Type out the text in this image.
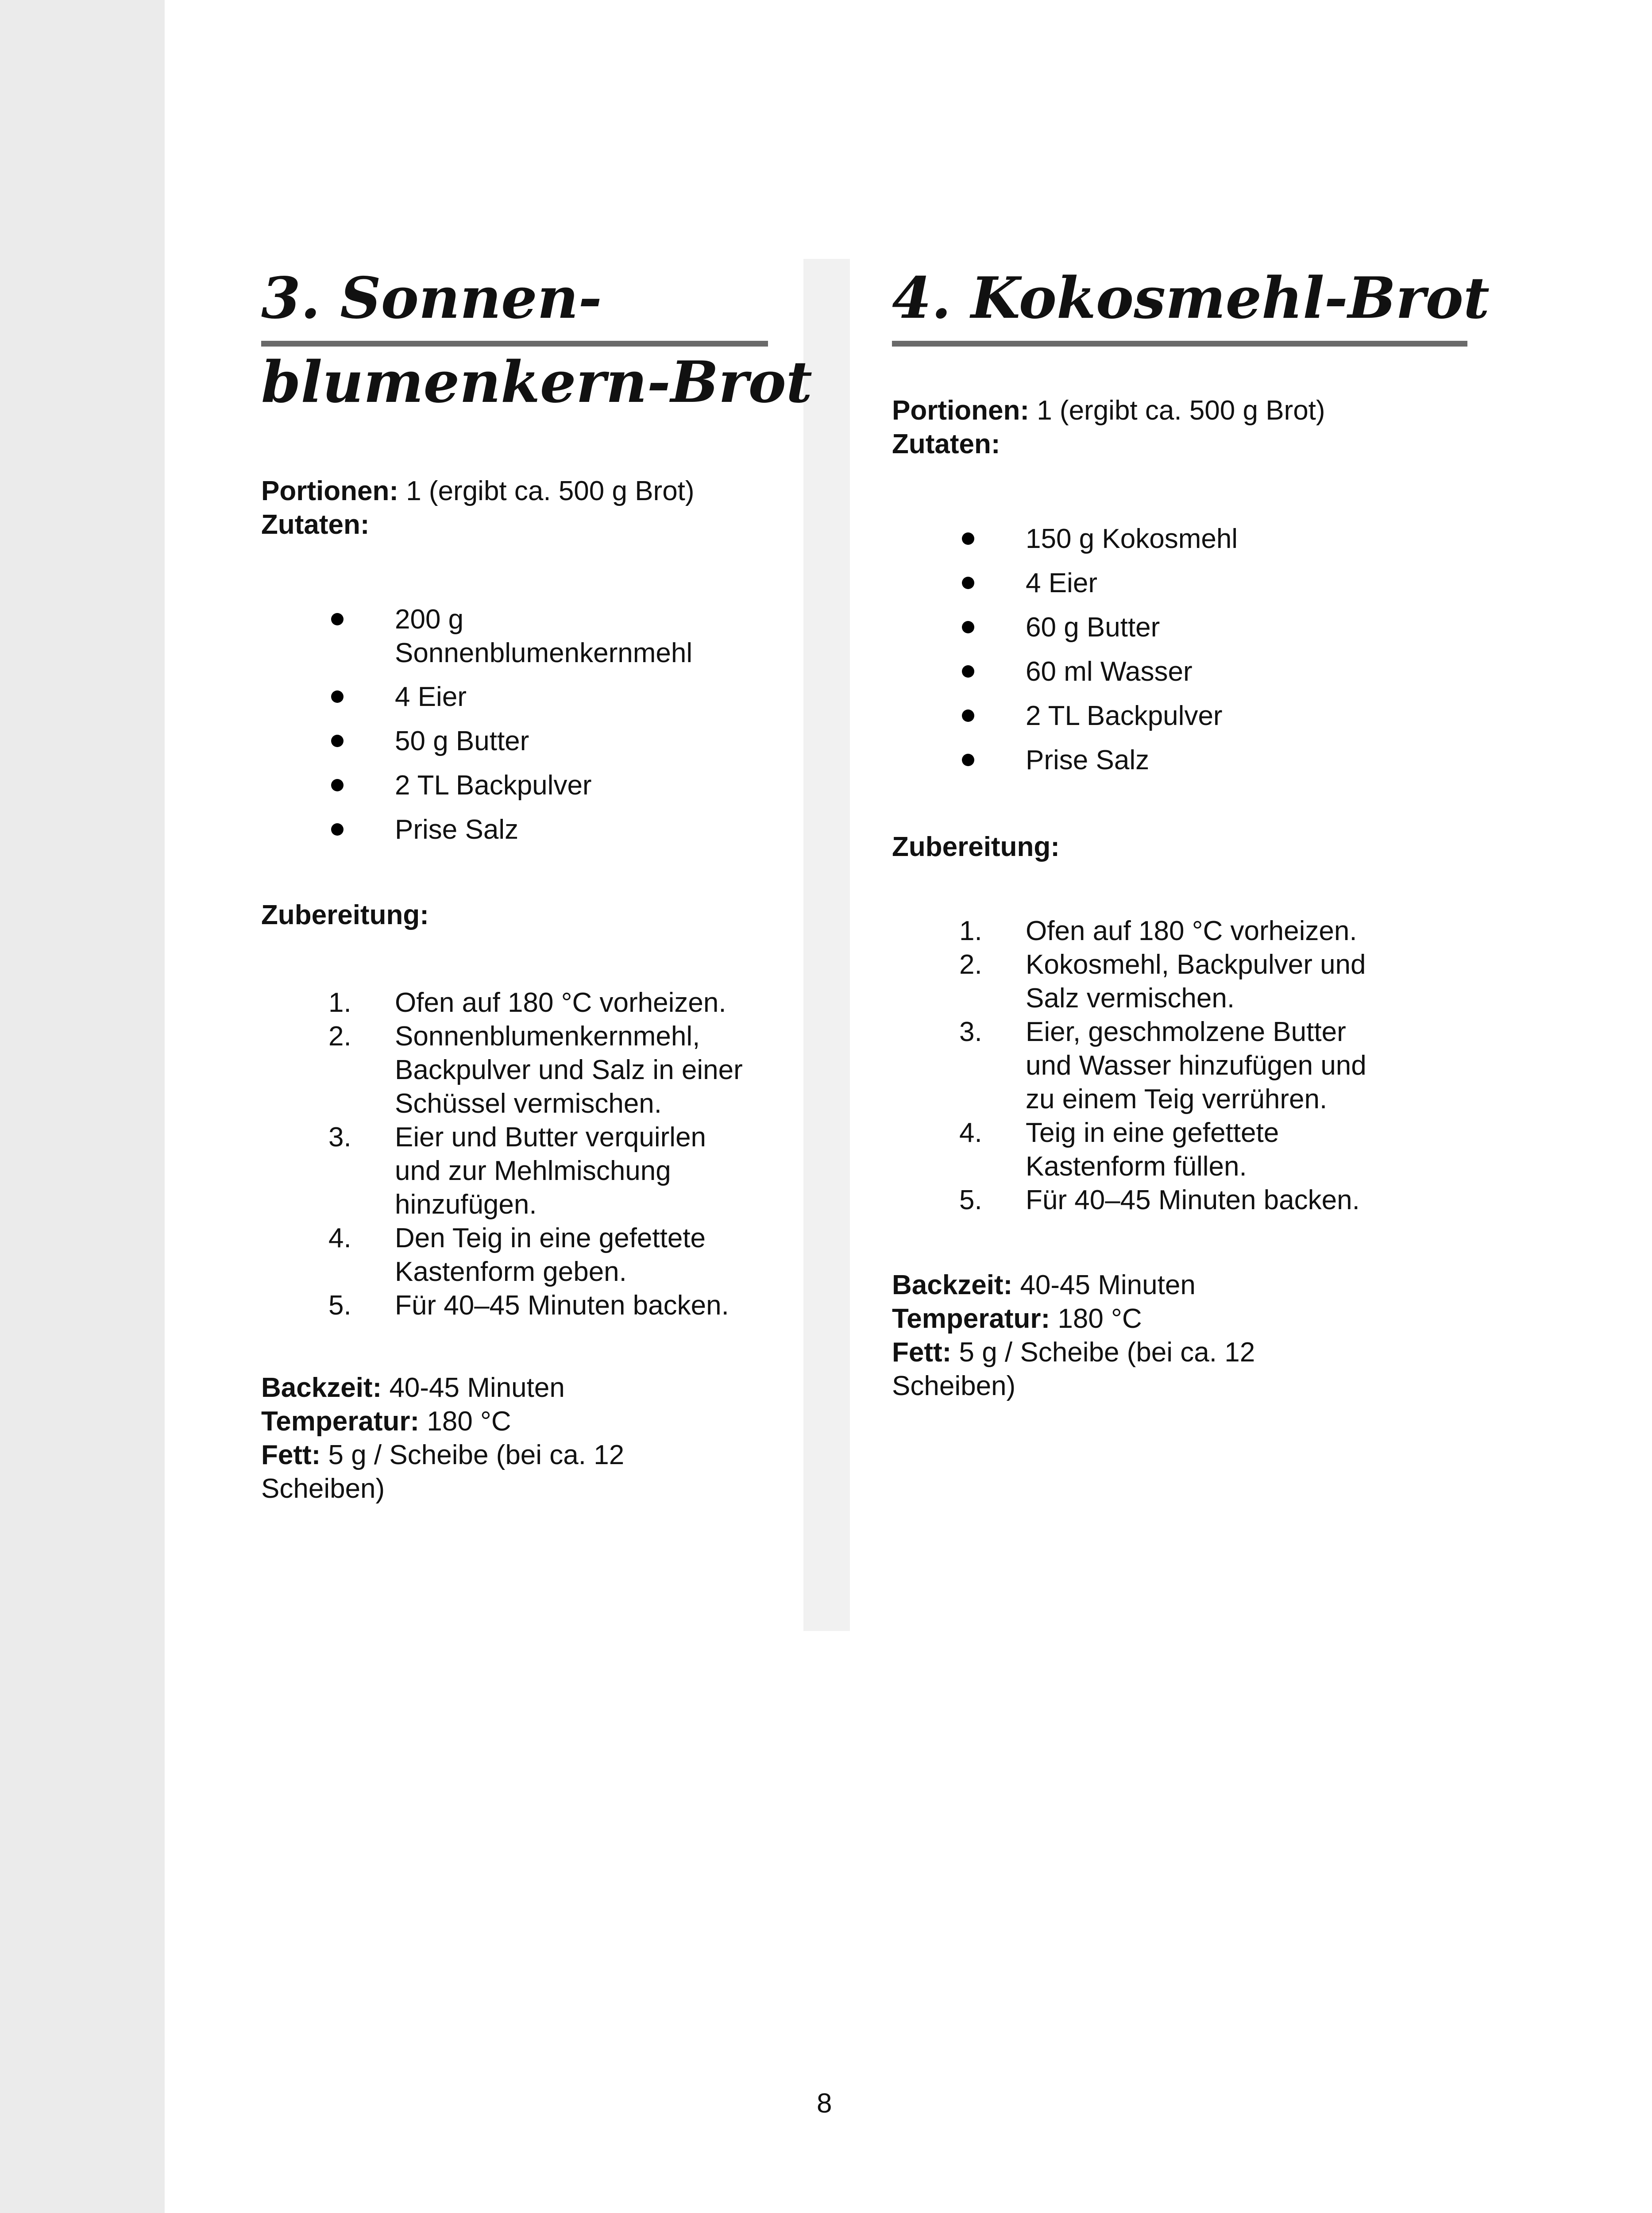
3. Sonnen-
blumenkern-Brot
Portionen: 1 (ergibt ca. 500 g Brot)
Zutaten:
200 g
Sonnenblumenkernmehl
4 Eier
50 g Butter
2 TL Backpulver
Prise Salz
Zubereitung:
1. Ofen auf 180 °C vorheizen.
2. Sonnenblumenkernmehl,
Backpulver und Salz in einer
Schüssel vermischen.
3. Eier und Butter verquirlen
und zur Mehlmischung
hinzufügen.
4. Den Teig in eine gefettete
Kastenform geben.
5. Für 40–45 Minuten backen.
Backzeit: 40-45 Minuten
Temperatur: 180 °C
Fett: 5 g / Scheibe (bei ca. 12
Scheiben)
4. Kokosmehl-Brot
Portionen: 1 (ergibt ca. 500 g Brot)
Zutaten:
150 g Kokosmehl
4 Eier
60 g Butter
60 ml Wasser
2 TL Backpulver
Prise Salz
Zubereitung:
1. Ofen auf 180 °C vorheizen.
2. Kokosmehl, Backpulver und
Salz vermischen.
3. Eier, geschmolzene Butter
und Wasser hinzufügen und
zu einem Teig verrühren.
4. Teig in eine gefettete
Kastenform füllen.
5. Für 40–45 Minuten backen.
Backzeit: 40-45 Minuten
Temperatur: 180 °C
Fett: 5 g / Scheibe (bei ca. 12
Scheiben)
8
